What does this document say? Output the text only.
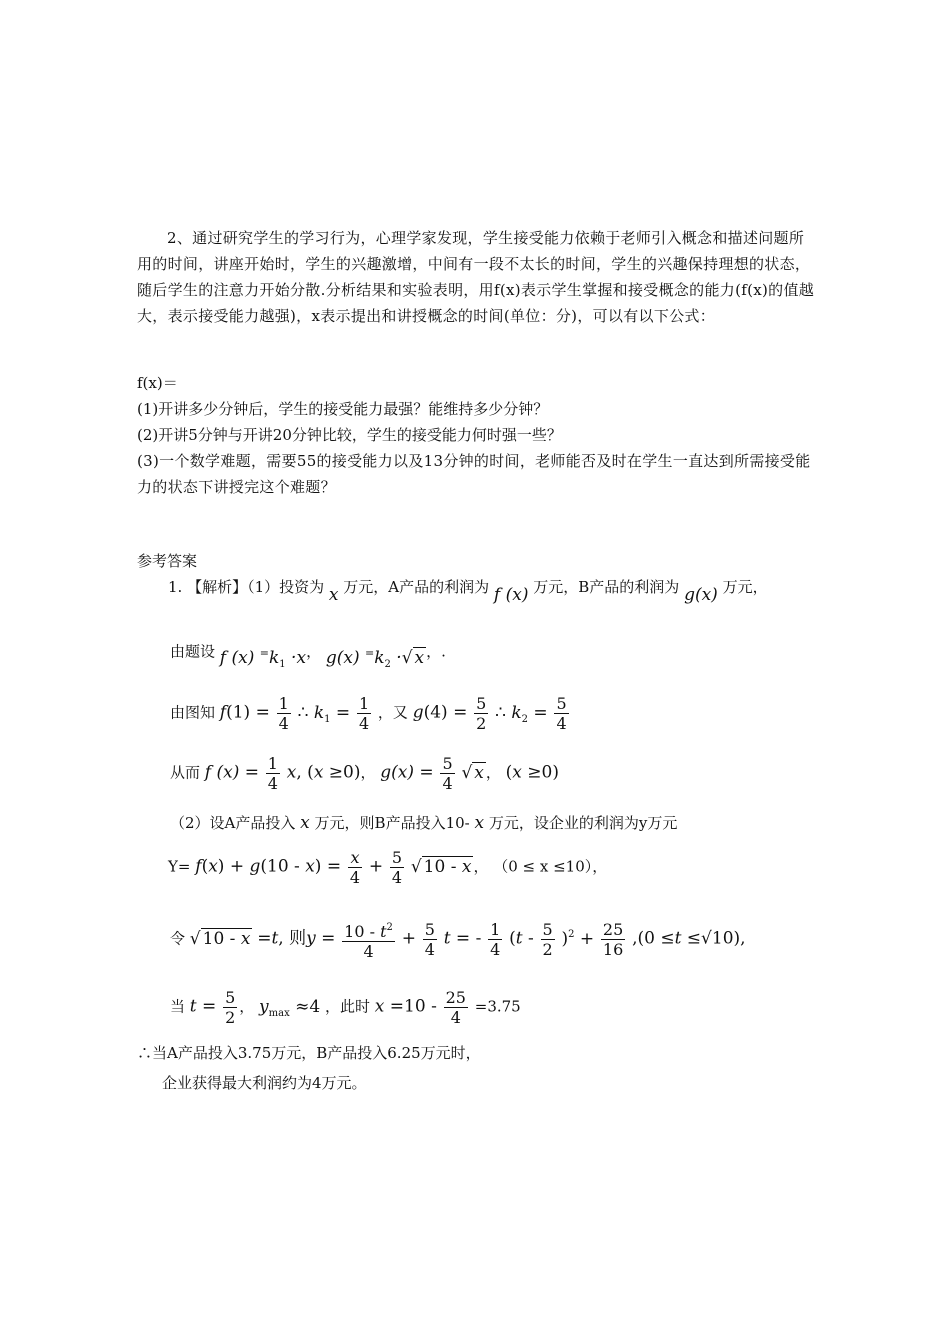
2、通过研究学生的学习行为，心理学家发现，学生接受能力依赖于老师引入概念和描述问题所用的时间，讲座开始时，学生的兴趣激增，中间有一段不太长的时间，学生的兴趣保持理想的状态，随后学生的注意力开始分散.分析结果和实验表明，用f(x)表示学生掌握和接受概念的能力(f(x)的值越大，表示接受能力越强)，x表示提出和讲授概念的时间(单位：分)，可以有以下公式：

f(x)＝
(1)开讲多少分钟后，学生的接受能力最强？能维持多少分钟？
(2)开讲5分钟与开讲20分钟比较，学生的接受能力何时强一些？

(3)一个数学难题，需要55的接受能力以及13分钟的时间，老师能否及时在学生一直达到所需接受能力的状态下讲授完这个难题？

参考答案
1. 【解析】（1）投资为 x 万元，A产品的利润为 f (x) 万元，B产品的利润为 g(x) 万元，
由题设 f (x) $^=k_1 \cdot x$， g(x) $^=k_2$ ·√ x ，.
由图知 $f(1) = \frac{1}{4}$ ∴ $k_1 = \frac{1}{4}$ ，又 $g(4) = \frac{5}{2}$ ∴ $k_2 = \frac{5}{4}$
从而 f $(x) = \frac{1}{4} x$, (x ≥0)， $g(x) = \frac{5}{4}$ √ x ， (x ≥0)
（2）设A产品投入 x 万元，则B产品投入10- x 万元，设企业的利润为y万元
$Y= f(x) + g(10 - x) = \frac{x}{4} + \frac{5}{4}$ √ 10 - x ， （0 ≤ x ≤10），
令 √ 10 - x =t, 则$y = \frac{10 - t^2}{4} + \frac{5}{4}$ t = - $\frac{1}{4} (t - \frac{5}{2} )^2 + \frac{25}{16} ,(0 \le t \le√10)$,
当 $t = \frac{5}{2}$ ， $y_{max} \approx 4$ ，此时 $x =10 - \frac{25}{4} =3.75$
∴当A产品投入3.75万元，B产品投入6.25万元时，
企业获得最大利润约为4万元。
